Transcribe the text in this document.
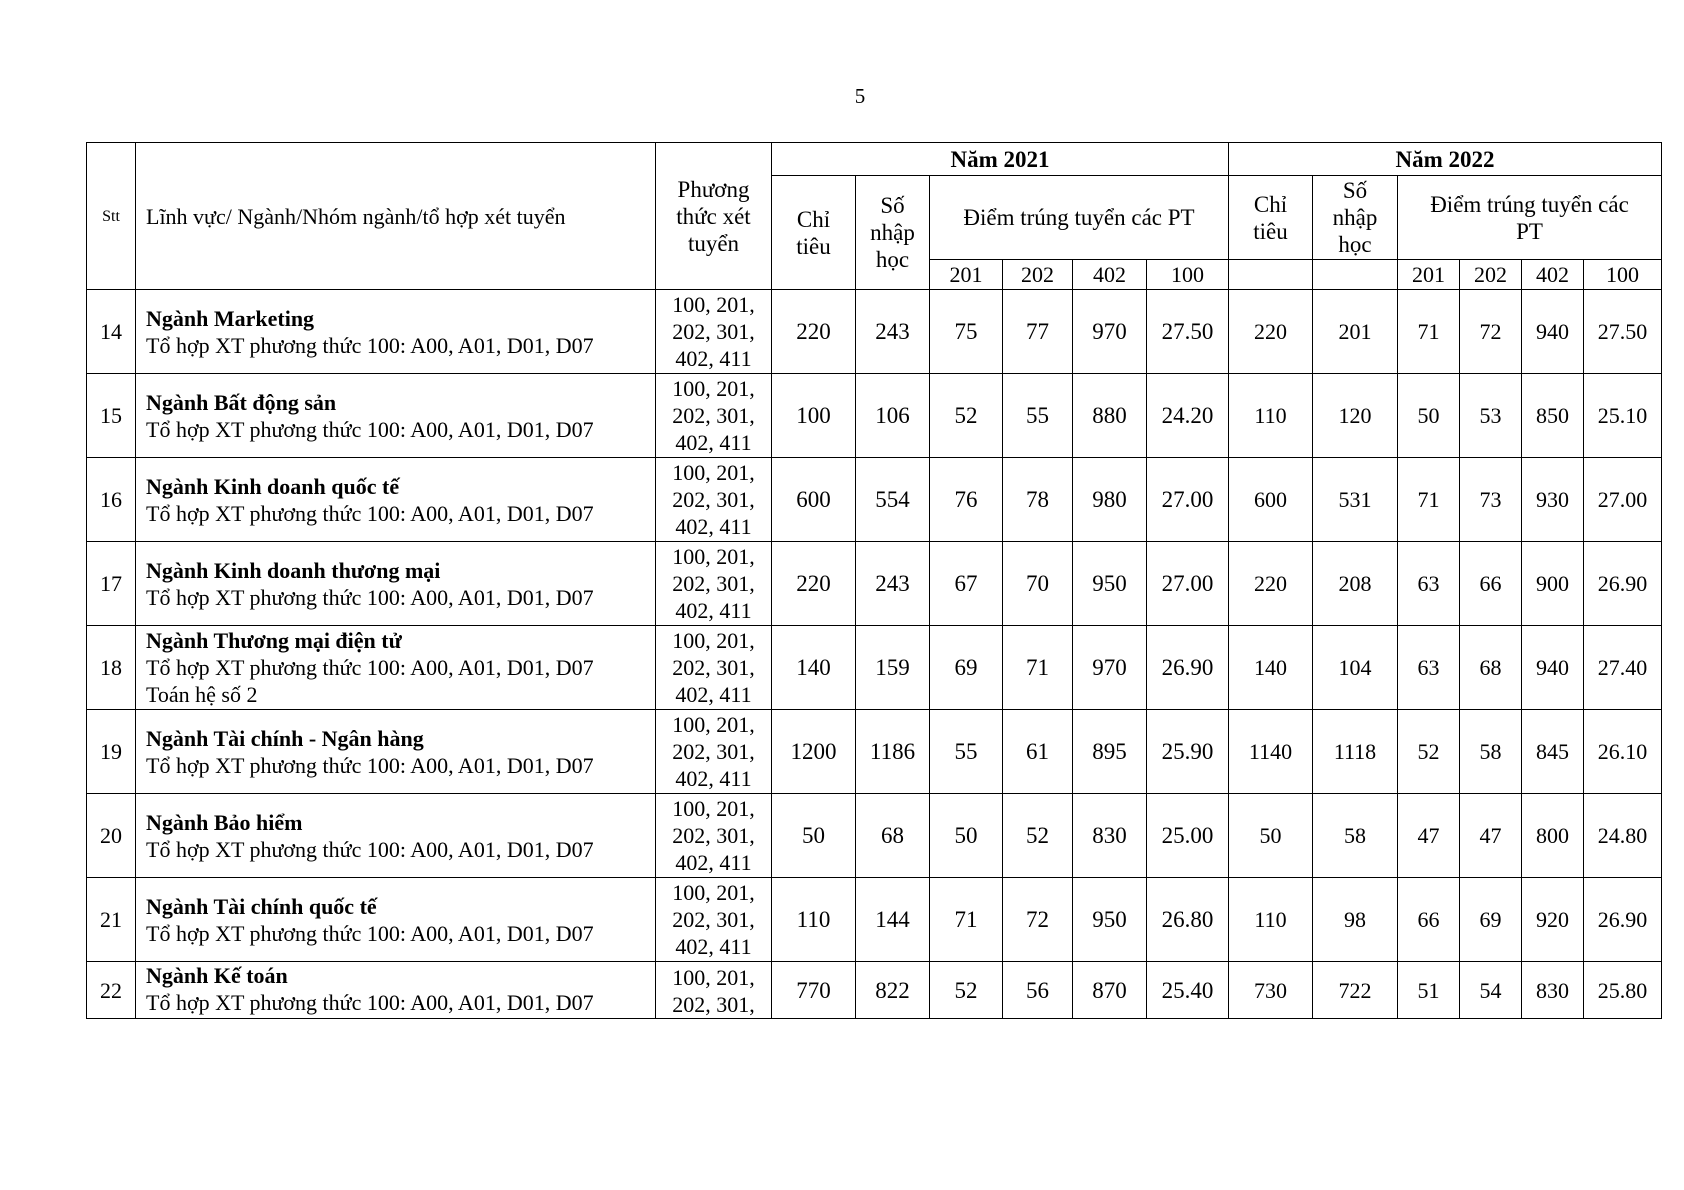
5
Stt	Lĩnh vực/ Ngành/Nhóm ngành/tổ hợp xét tuyển	Phương
thức xét
tuyển	Năm 2021						Năm 2022					

			Chỉ
tiêu	Số
nhập
học	Điểm trúng tuyển các PT				Chỉ
tiêu	Số
nhập
học	Điểm trúng tuyển các
PT			

					201	202	402	100			201	202	402	100
14	Ngành Marketing
Tổ hợp XT phương thức 100: A00, A01, D01, D07	100, 201,
202, 301,
402, 411	220	243	75	77	970	27.50	220	201	71	72	940	27.50
15	Ngành Bất động sản
Tổ hợp XT phương thức 100: A00, A01, D01, D07	100, 201,
202, 301,
402, 411	100	106	52	55	880	24.20	110	120	50	53	850	25.10
16	Ngành Kinh doanh quốc tế
Tổ hợp XT phương thức 100: A00, A01, D01, D07	100, 201,
202, 301,
402, 411	600	554	76	78	980	27.00	600	531	71	73	930	27.00
17	Ngành Kinh doanh thương mại
Tổ hợp XT phương thức 100: A00, A01, D01, D07	100, 201,
202, 301,
402, 411	220	243	67	70	950	27.00	220	208	63	66	900	26.90
18	Ngành Thương mại điện tử
Tổ hợp XT phương thức 100: A00, A01, D01, D07
Toán hệ số 2	100, 201,
202, 301,
402, 411	140	159	69	71	970	26.90	140	104	63	68	940	27.40
19	Ngành Tài chính - Ngân hàng
Tổ hợp XT phương thức 100: A00, A01, D01, D07	100, 201,
202, 301,
402, 411	1200	1186	55	61	895	25.90	1140	1118	52	58	845	26.10
20	Ngành Bảo hiểm
Tổ hợp XT phương thức 100: A00, A01, D01, D07	100, 201,
202, 301,
402, 411	50	68	50	52	830	25.00	50	58	47	47	800	24.80
21	Ngành Tài chính quốc tế
Tổ hợp XT phương thức 100: A00, A01, D01, D07	100, 201,
202, 301,
402, 411	110	144	71	72	950	26.80	110	98	66	69	920	26.90
22	Ngành Kế toán
Tổ hợp XT phương thức 100: A00, A01, D01, D07	100, 201,
202, 301,	770	822	52	56	870	25.40	730	722	51	54	830	25.80
